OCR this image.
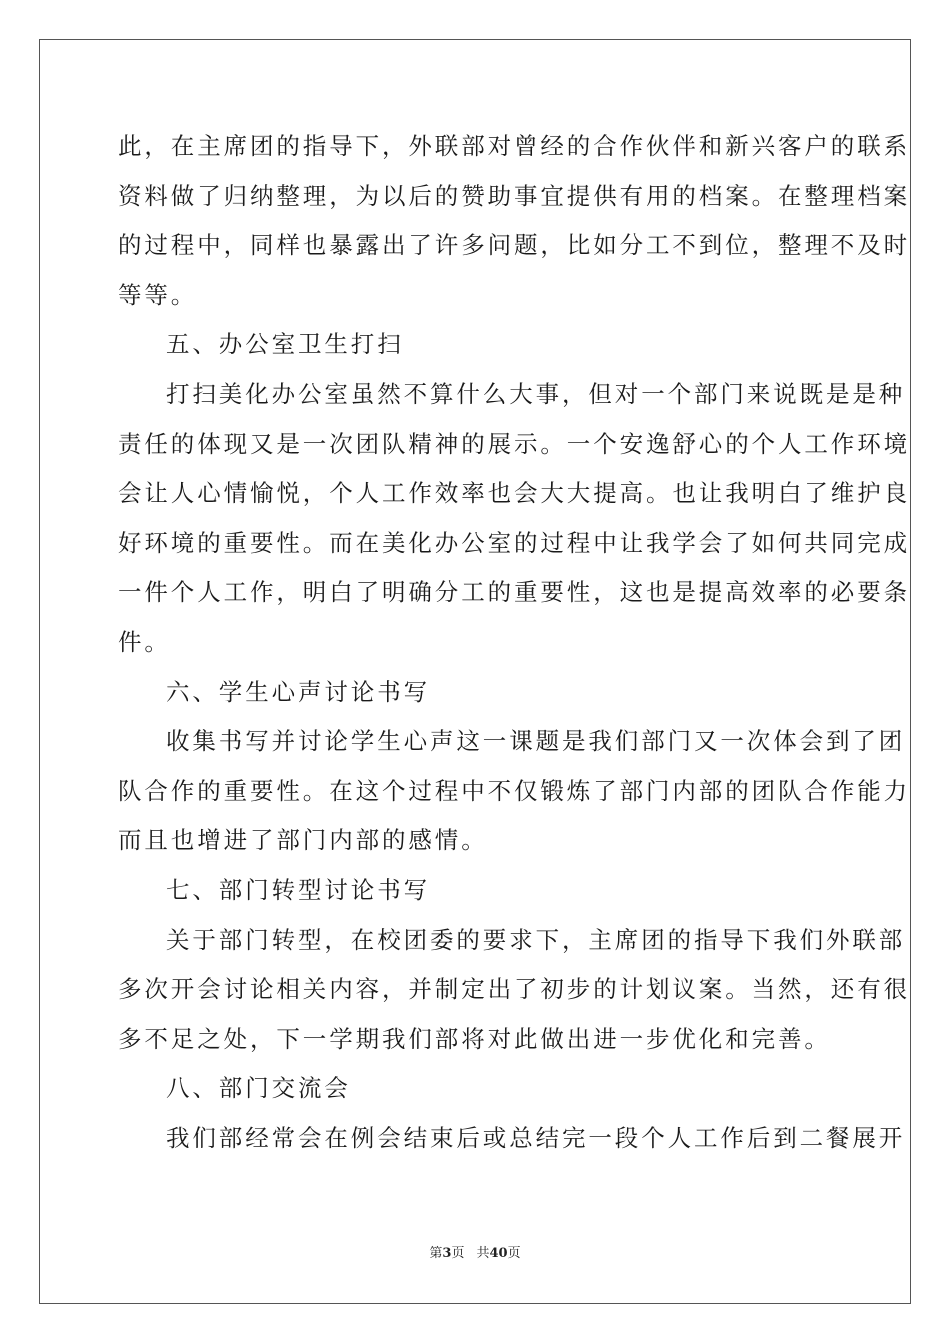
此，在主席团的指导下，外联部对曾经的合作伙伴和新兴客户的联系
资料做了归纳整理，为以后的赞助事宜提供有用的档案。在整理档案
的过程中，同样也暴露出了许多问题，比如分工不到位，整理不及时
等等。
五、办公室卫生打扫
打扫美化办公室虽然不算什么大事，但对一个部门来说既是是种
责任的体现又是一次团队精神的展示。一个安逸舒心的个人工作环境
会让人心情愉悦，个人工作效率也会大大提高。也让我明白了维护良
好环境的重要性。而在美化办公室的过程中让我学会了如何共同完成
一件个人工作，明白了明确分工的重要性，这也是提高效率的必要条
件。
六、学生心声讨论书写
收集书写并讨论学生心声这一课题是我们部门又一次体会到了团
队合作的重要性。在这个过程中不仅锻炼了部门内部的团队合作能力
而且也增进了部门内部的感情。
七、部门转型讨论书写
关于部门转型，在校团委的要求下，主席团的指导下我们外联部
多次开会讨论相关内容，并制定出了初步的计划议案。当然，还有很
多不足之处，下一学期我们部将对此做出进一步优化和完善。
八、部门交流会
我们部经常会在例会结束后或总结完一段个人工作后到二餐展开
第3页 共40页
